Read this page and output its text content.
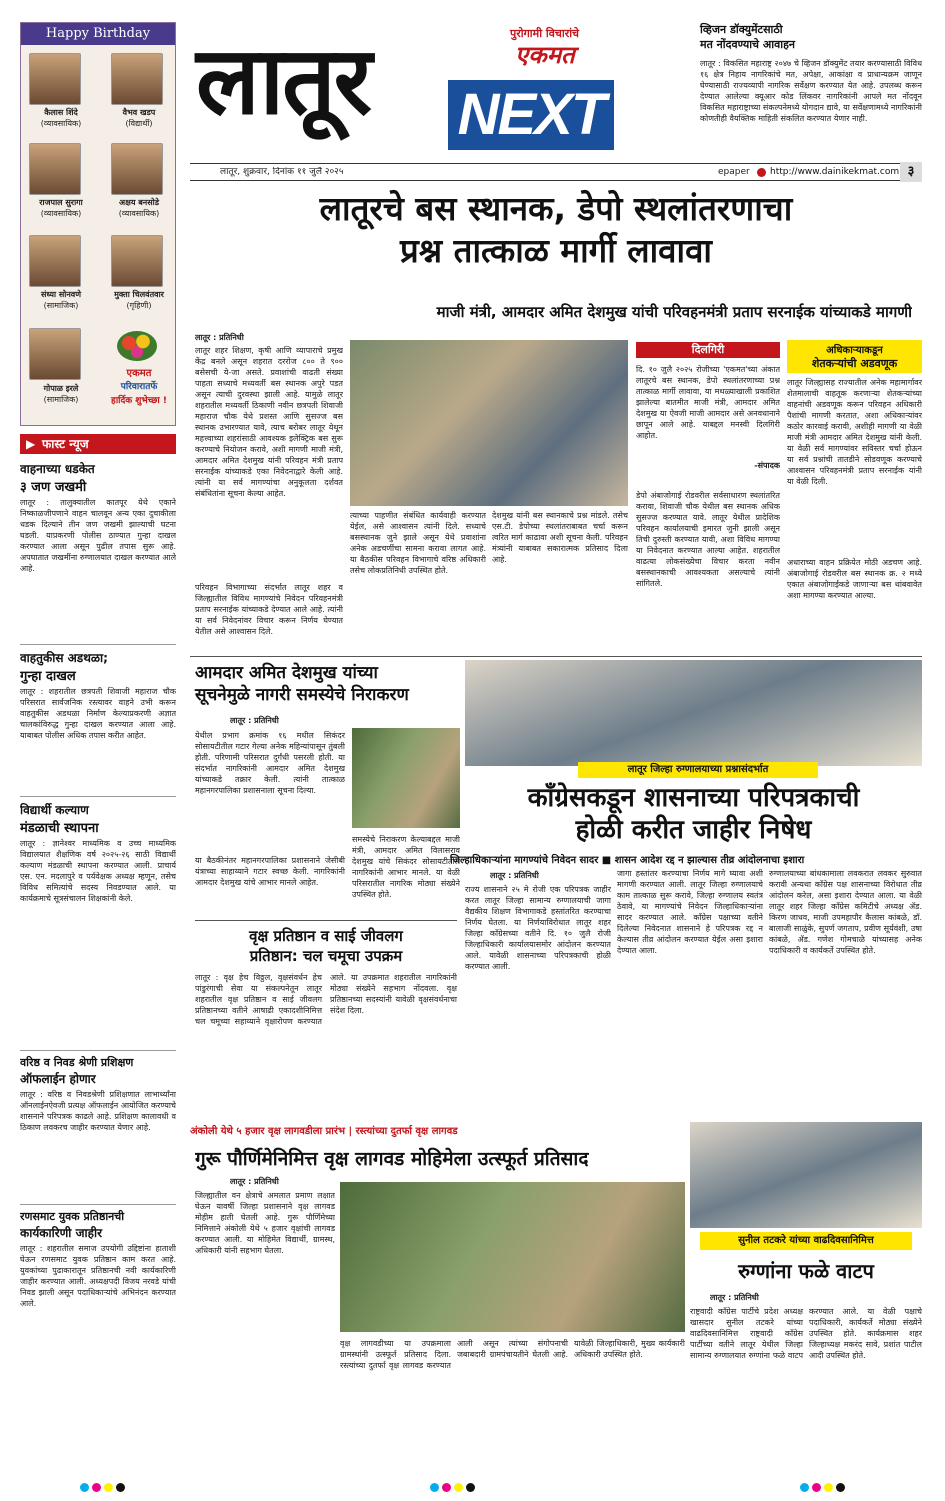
Happy Birthday
कैलास शिंदे
(व्यावसायिक)
वैभव खडप
(विद्यार्थी)
राजपाल सुरागा
(व्यावसायिक)
अक्षय बनसोडे
(व्यावसायिक)
संध्या सोनवणे
(सामाजिक)
मुक्ता चिलवंतवार
(गृहिणी)
गोपाळ इरले
(सामाजिक)
एकमत
परिवारातर्फे
हार्दिक शुभेच्छा !
▶ फास्ट न्यूज
वाहनाच्या धडकेत
३ जण जखमी
लातूर : तालुक्यातील कातपूर येथे एकाने निष्काळजीपणाने वाहन चालवून अन्य एका दुचाकीला धडक दिल्याने तीन जण जखमी झाल्याची घटना घडली. याप्रकरणी पोलीस ठाण्यात गुन्हा दाखल करण्यात आला असून पुढील तपास सुरू आहे. अपघातात जखमींना रुग्णालयात दाखल करण्यात आले आहे.
वाहतुकीस अडथळा;
गुन्हा दाखल
लातूर : शहरातील छत्रपती शिवाजी महाराज चौक परिसरात सार्वजनिक रस्त्यावर वाहने उभी करून वाहतुकीस अडथळा निर्माण केल्याप्रकरणी अज्ञात चालकांविरुद्ध गुन्हा दाखल करण्यात आला आहे. याबाबत पोलीस अधिक तपास करीत आहेत.
विद्यार्थी कल्याण
मंडळाची स्थापना
लातूर : ज्ञानेश्वर माध्यमिक व उच्च माध्यमिक विद्यालयात शैक्षणिक वर्ष २०२५-२६ साठी विद्यार्थी कल्याण मंडळाची स्थापना करण्यात आली. प्राचार्य एस. एन. मदलापुरे व पर्यवेक्षक अध्यक्ष म्हणून, तसेच विविध समित्यांचे सदस्य निवडण्यात आले. या कार्यक्रमाचे सूत्रसंचालन शिक्षकांनी केले.
वरिष्ठ व निवड श्रेणी प्रशिक्षण
ऑफलाईन होणार
लातूर : वरिष्ठ व निवडश्रेणी प्रशिक्षणात लाभार्थ्यांना ऑनलाईनऐवजी प्रत्यक्ष ऑफलाईन आयोजित करण्याचे शासनाने परिपत्रक काढले आहे. प्रशिक्षण कालावधी व ठिकाण लवकरच जाहीर करण्यात येणार आहे.
रणसमाट युवक प्रतिष्ठानची
कार्यकारिणी जाहीर
लातूर : शहरातील समाज उपयोगी उद्दिष्टांना हाताशी घेऊन रणसमाट युवक प्रतिष्ठान काम करत आहे. युवकांच्या पुढाकारातून प्रतिष्ठानची नवी कार्यकारिणी जाहीर करण्यात आली. अध्यक्षपदी विजय नरवडे यांची निवड झाली असून पदाधिकाऱ्यांचे अभिनंदन करण्यात आले.
लातूर	पुरोगामी विचारांचे
एकमत
NEXT
लातूर, शुक्रवार, दिनांक ११ जुलै २०२५	epaper	http://www.dainikekmat.com ३
व्हिजन डॉक्युमेंटसाठी
मत नोंदवण्याचे आवाहन
लातूर : विकसित महाराष्ट्र २०४७ चे व्हिजन डॉक्युमेंट तयार करण्यासाठी विविध १६ क्षेत्र निहाय नागरिकांचे मत, अपेक्षा, आकांक्षा व प्राधान्यक्रम जाणून घेण्यासाठी राज्यव्यापी नागरिक सर्वेक्षण करण्यात येत आहे. उपलब्ध करून देण्यात आलेल्या क्यूआर कोड लिंकवर नागरिकांनी आपले मत नोंदवून विकसित महाराष्ट्राच्या संकल्पनेमध्ये योगदान द्यावे, या सर्वेक्षणामध्ये नागरिकांनी कोणतीही वैयक्तिक माहिती संकलित करण्यात येणार नाही.
लातूरचे बस स्थानक, डेपो स्थलांतरणाचा
प्रश्न तात्काळ मार्गी लावावा
माजी मंत्री, आमदार अमित देशमुख यांची परिवहनमंत्री प्रताप सरनाईक यांच्याकडे मागणी
लातूर : प्रतिनिधी
लातूर शहर शिक्षण, कृषी आणि व्यापाराचे प्रमुख केंद्र बनले असून शहरात दररोज ८०० ते ९०० बसेसची ये-जा असते. प्रवाशांची वाढती संख्या पाहता सध्याचे मध्यवर्ती बस स्थानक अपुरे पडत असून त्याची दुरवस्था झाली आहे. यामुळे लातूर शहरातील मध्यवर्ती ठिकाणी नवीन छत्रपती शिवाजी महाराज चौक येथे प्रशस्त आणि सुसज्ज बस स्थानक उभारण्यात यावे, त्याच बरोबर लातूर येथून महत्त्वाच्या शहरांसाठी आवश्यक इलेक्ट्रिक बस सुरू करण्याचे नियोजन करावे, अशी मागणी माजी मंत्री, आमदार अमित देशमुख यांनी परिवहन मंत्री प्रताप सरनाईक यांच्याकडे एका निवेदनाद्वारे केली आहे. त्यांनी या सर्व मागण्यांचा अनुकूलता दर्शवत संबंधितांना सूचना केल्या आहेत.
परिवहन विभागाच्या संदर्भात लातूर शहर व जिल्ह्यातील विविध मागण्यांचे निवेदन परिवहनमंत्री प्रताप सरनाईक यांच्याकडे देण्यात आले आहे. त्यांनी या सर्व निवेदनांवर विचार करून निर्णय घेण्यात येतील असे आश्वासन दिले.
त्याच्या पाहणीत संबंधित कार्यवाही करण्यात येईल, असे आश्वासन त्यांनी दिले. सध्याचे बसस्थानक जुने झाले असून येथे प्रवाशांना अनेक अडचणींचा सामना करावा लागत आहे. या बैठकीस परिवहन विभागाचे वरिष्ठ अधिकारी तसेच लोकप्रतिनिधी उपस्थित होते.
देशमुख यांनी बस स्थानकाचे प्रश्न मांडले. तसेच एस.टी. डेपोच्या स्थलांतराबाबत चर्चा करून त्वरित मार्ग काढावा अशी सूचना केली. परिवहन मंत्र्यांनी याबाबत सकारात्मक प्रतिसाद दिला आहे.
दिलगिरी
दि. १० जुलै २०२५ रोजीच्या 'एकमत'च्या अंकात लातूरचे बस स्थानक, डेपो स्थलांतरणाच्या प्रश्न तात्काळ मार्गी लावावा, या मथळ्याखाली प्रकाशित झालेल्या बातमीत माजी मंत्री, आमदार अमित देशमुख या ऐवजी माजी आमदार असे अनवधानाने छापून आले आहे. याबद्दल मनस्वी दिलगिरी आहोत.
-संपादक
डेपो अंबाजोगाई रोडवरील सर्वसाधारण स्थलांतरित करावा, शिवाजी चौक येथील बस स्थानक अधिक सुसज्ज करण्यात यावे. लातूर येथील प्रादेशिक परिवहन कार्यालयाची इमारत जुनी झाली असून तिची दुरुस्ती करण्यात यावी, अशा विविध मागण्या या निवेदनात करण्यात आल्या आहेत. शहरातील वाढत्या लोकसंख्येचा विचार करता नवीन बसस्थानकाची आवश्यकता असल्याचे त्यांनी सांगितले.
अधिकाऱ्याकडून
शेतकऱ्यांची अडवणूक
लातूर जिल्ह्यासह राज्यातील अनेक महामार्गावर शेतमालाची वाहतूक करणाऱ्या शेतकऱ्यांच्या वाहनांची अडवणूक करून परिवहन अधिकारी पैशांची मागणी करतात, अशा अधिकाऱ्यांवर कठोर कारवाई करावी, अशीही मागणी या वेळी माजी मंत्री आमदार अमित देशमुख यांनी केली. या वेळी सर्व मागण्यांवर सविस्तर चर्चा होऊन या सर्व प्रश्नांची तातडीने सोडवणूक करण्याचे आश्वासन परिवहनमंत्री प्रताप सरनाईक यांनी या वेळी दिली.
अधाराच्या वाहन प्रक्रियेत मोठी अडचण आहे. अंबाजोगाई रोडवरील बस स्थानक क्र. २ मध्ये एकात अंबाजोगाईकडे जाणाऱ्या बस थांबवावेत अशा मागण्या करण्यात आल्या.
आमदार अमित देशमुख यांच्या
सूचनेमुळे नागरी समस्येचे निराकरण
लातूर : प्रतिनिधी
येथील प्रभाग क्रमांक १६ मधील सिकंदर सोसायटीतील गटार गेल्या अनेक महिन्यांपासून तुंबली होती. परिणामी परिसरात दुर्गंधी पसरली होती. या संदर्भात नागरिकांनी आमदार अमित देशमुख यांच्याकडे तक्रार केली. त्यांनी तात्काळ महानगरपालिका प्रशासनाला सूचना दिल्या.
या बैठकीनंतर महानगरपालिका प्रशासनाने जेसीबी यंत्राच्या साहाय्याने गटार स्वच्छ केली. नागरिकांनी आमदार देशमुख यांचे आभार मानले आहेत.
समस्येचे निराकरण केल्याबद्दल माजी मंत्री, आमदार अमित विलासराव देशमुख यांचे सिकंदर सोसायटीतील नागरिकांनी आभार मानले. या वेळी परिसरातील नागरिक मोठ्या संख्येने उपस्थित होते.
लातूर जिल्हा रुग्णालयाच्या प्रश्नासंदर्भात
काँग्रेसकडून शासनाच्या परिपत्रकाची
होळी करीत जाहीर निषेध
जिल्हाधिकाऱ्यांना मागण्यांचे निवेदन सादर ■ शासन आदेश रद्द न झाल्यास तीव्र आंदोलनाचा इशारा
लातूर : प्रतिनिधी
राज्य शासनाने २५ मे रोजी एक परिपत्रक जाहीर करत लातूर जिल्हा सामान्य रुग्णालयाची जागा वैद्यकीय शिक्षण विभागाकडे हस्तांतरित करण्याचा निर्णय घेतला. या निर्णयाविरोधात लातूर शहर जिल्हा काँग्रेसच्या वतीने दि. १० जुलै रोजी जिल्हाधिकारी कार्यालयासमोर आंदोलन करण्यात आले. यावेळी शासनाच्या परिपत्रकाची होळी करण्यात आली.
जागा हस्तांतर करण्याचा निर्णय मागे घ्यावा अशी मागणी करण्यात आली. लातूर जिल्हा रुग्णालयाचे काम तात्काळ सुरू करावे, जिल्हा रुग्णालय स्वतंत्र ठेवावे, या मागण्यांचे निवेदन जिल्हाधिकाऱ्यांना सादर करण्यात आले. काँग्रेस पक्षाच्या वतीने दिलेल्या निवेदनात शासनाने हे परिपत्रक रद्द न केल्यास तीव्र आंदोलन करण्यात येईल असा इशारा देण्यात आला.
रुग्णालयाच्या बांधकामाला लवकरात लवकर सुरुवात करावी अन्यथा काँग्रेस पक्ष शासनाच्या विरोधात तीव्र आंदोलन करेल, असा इशारा देण्यात आला. या वेळी लातूर शहर जिल्हा काँग्रेस कमिटीचे अध्यक्ष ॲड. किरण जाधव, माजी उपमहापौर कैलास कांबळे, डॉ. बालाजी साळुंके, सुपर्ण जगताप, प्रवीण सूर्यवंशी, उषा कांबळे, ॲड. गणेश गोमचाळे यांच्यासह अनेक पदाधिकारी व कार्यकर्ते उपस्थित होते.
वृक्ष प्रतिष्ठान व साई जीवलग
प्रतिष्ठान: चल चमूचा उपक्रम
लातूर : वृक्ष हेच विठ्ठल, वृक्षसंवर्धन हेच पांडुरंगाची सेवा या संकल्पनेतून लातूर शहरातील वृक्ष प्रतिष्ठान व साई जीवलग प्रतिष्ठानच्या वतीने आषाढी एकादशीनिमित्त चल चमूच्या सहाय्याने वृक्षारोपण करण्यात आले. या उपक्रमात शहरातील नागरिकांनी मोठ्या संख्येने सहभाग नोंदवला. वृक्ष प्रतिष्ठानच्या सदस्यांनी यावेळी वृक्षसंवर्धनाचा संदेश दिला.
अंकोली येथे ५ हजार वृक्ष लागवडीला प्रारंभ | रस्त्यांच्या दुतर्फा वृक्ष लागवड
गुरू पौर्णिमेनिमित्त वृक्ष लागवड मोहिमेला उत्स्फूर्त प्रतिसाद
लातूर : प्रतिनिधी
जिल्ह्यातील वन क्षेत्राचे अमलात प्रमाण लक्षात घेऊन यावर्षी जिल्हा प्रशासनाने वृक्ष लागवड मोहीम हाती घेतली आहे. गुरू पौर्णिमेच्या निमित्ताने अंकोली येथे ५ हजार वृक्षांची लागवड करण्यात आली. या मोहिमेत विद्यार्थी, ग्रामस्थ, अधिकारी यांनी सहभाग घेतला.
वृक्ष लागवडीच्या या उपक्रमाला ग्रामस्थांनी उत्स्फूर्त प्रतिसाद दिला. रस्त्यांच्या दुतर्फा वृक्ष लागवड करण्यात आली असून त्यांच्या संगोपनाची जबाबदारी ग्रामपंचायतीने घेतली आहे. यावेळी जिल्हाधिकारी, मुख्य कार्यकारी अधिकारी उपस्थित होते.
सुनील तटकरे यांच्या वाढदिवसानिमित्त
रुग्णांना फळे वाटप
लातूर : प्रतिनिधी
राष्ट्रवादी काँग्रेस पार्टीचे प्रदेश अध्यक्ष खासदार सुनील तटकरे यांच्या वाढदिवसानिमित्त राष्ट्रवादी काँग्रेस पार्टीच्या वतीने लातूर येथील जिल्हा सामान्य रुग्णालयात रुग्णांना फळे वाटप करण्यात आले. या वेळी पक्षाचे पदाधिकारी, कार्यकर्ते मोठ्या संख्येने उपस्थित होते. कार्यक्रमास शहर जिल्हाध्यक्ष मकरंद सावे, प्रशांत पाटील आदी उपस्थित होते.
